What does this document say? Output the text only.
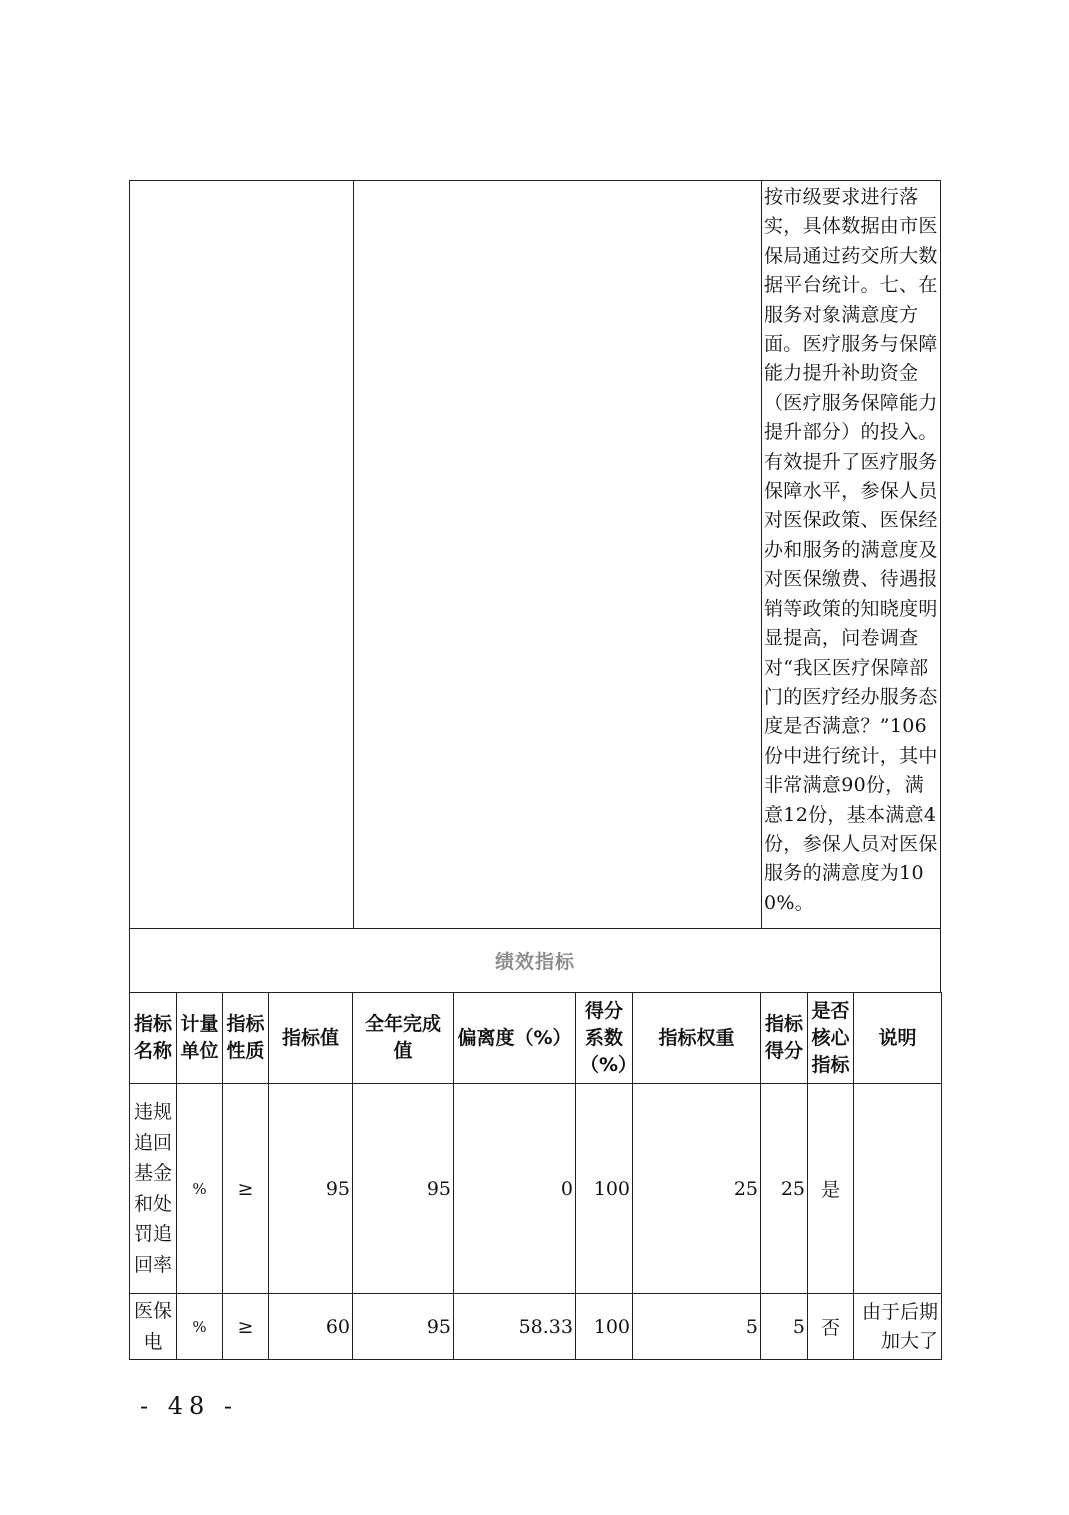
按市级要求进行落实，具体数据由市医保局通过药交所大数据平台统计。七、在服务对象满意度方面。医疗服务与保障能力提升补助资金（医疗服务保障能力提升部分）的投入。有效提升了医疗服务保障水平，参保人员对医保政策、医保经办和服务的满意度及对医保缴费、待遇报销等政策的知晓度明显提高，问卷调查对“我区医疗保障部门的医疗经办服务态度是否满意？”106份中进行统计，其中非常满意90份，满意12份，基本满意4份，参保人员对医保服务的满意度为100%。
绩效指标
指标名称	计量单位	指标性质	指标值	全年完成值	偏离度（%）	得分系数（%）	指标权重	指标得分	是否核心指标	说明
违规追回基金和处罚追回率	%	≥	95	95	0	100	25	25	是	
医保电	%	≥	60	95	58.33	100	5	5	否	由于后期加大了
- 48 -
